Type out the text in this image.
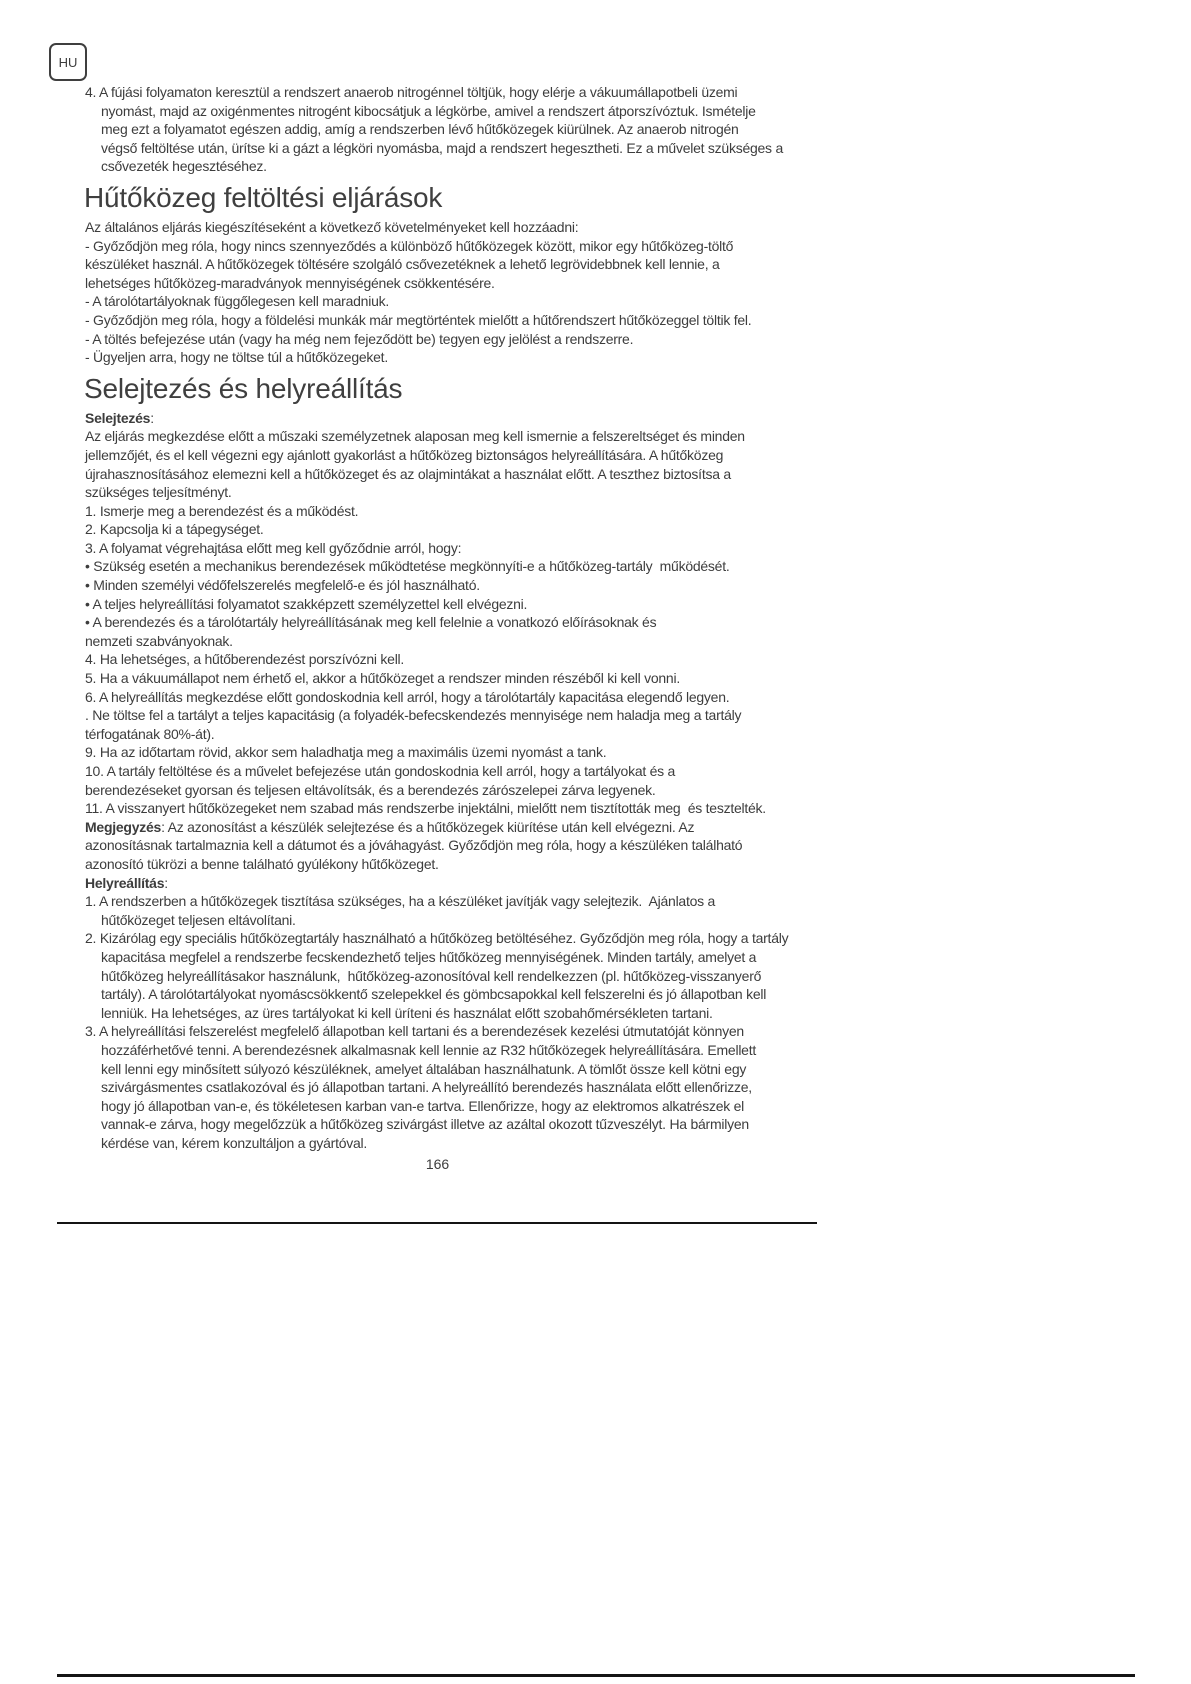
HU
4. A fújási folyamaton keresztül a rendszert anaerob nitrogénnel töltjük, hogy elérje a vákuumállapotbeli üzemi
nyomást, majd az oxigénmentes nitrogént kibocsátjuk a légkörbe, amivel a rendszert átporszívóztuk. Ismételje
meg ezt a folyamatot egészen addig, amíg a rendszerben lévő hűtőközegek kiürülnek. Az anaerob nitrogén
végső feltöltése után, ürítse ki a gázt a légköri nyomásba, majd a rendszert hegesztheti. Ez a művelet szükséges a
csővezeték hegesztéséhez.
Hűtőközeg feltöltési eljárások
Az általános eljárás kiegészítéseként a következő követelményeket kell hozzáadni:
- Győződjön meg róla, hogy nincs szennyeződés a különböző hűtőközegek között, mikor egy hűtőközeg-töltő
készüléket használ. A hűtőközegek töltésére szolgáló csővezetéknek a lehető legrövidebbnek kell lennie, a
lehetséges hűtőközeg-maradványok mennyiségének csökkentésére.
- A tárolótartályoknak függőlegesen kell maradniuk.
- Győződjön meg róla, hogy a földelési munkák már megtörténtek mielőtt a hűtőrendszert hűtőközeggel töltik fel.
- A töltés befejezése után (vagy ha még nem fejeződött be) tegyen egy jelölést a rendszerre.
- Ügyeljen arra, hogy ne töltse túl a hűtőközegeket.
Selejtezés és helyreállítás
Selejtezés:
Az eljárás megkezdése előtt a műszaki személyzetnek alaposan meg kell ismernie a felszereltséget és minden
jellemzőjét, és el kell végezni egy ajánlott gyakorlást a hűtőközeg biztonságos helyreállítására. A hűtőközeg
újrahasznosításához elemezni kell a hűtőközeget és az olajmintákat a használat előtt. A teszthez biztosítsa a
szükséges teljesítményt.
1. Ismerje meg a berendezést és a működést.
2. Kapcsolja ki a tápegységet.
3. A folyamat végrehajtása előtt meg kell győződnie arról, hogy:
• Szükség esetén a mechanikus berendezések működtetése megkönnyíti-e a hűtőközeg-tartály  működését.
• Minden személyi védőfelszerelés megfelelő-e és jól használható.
• A teljes helyreállítási folyamatot szakképzett személyzettel kell elvégezni.
• A berendezés és a tárolótartály helyreállításának meg kell felelnie a vonatkozó előírásoknak és
nemzeti szabványoknak.
4. Ha lehetséges, a hűtőberendezést porszívózni kell.
5. Ha a vákuumállapot nem érhető el, akkor a hűtőközeget a rendszer minden részéből ki kell vonni.
6. A helyreállítás megkezdése előtt gondoskodnia kell arról, hogy a tárolótartály kapacitása elegendő legyen.
. Ne töltse fel a tartályt a teljes kapacitásig (a folyadék-befecskendezés mennyisége nem haladja meg a tartály
térfogatának 80%-át).
9. Ha az időtartam rövid, akkor sem haladhatja meg a maximális üzemi nyomást a tank.
10. A tartály feltöltése és a művelet befejezése után gondoskodnia kell arról, hogy a tartályokat és a
berendezéseket gyorsan és teljesen eltávolítsák, és a berendezés zárószelepei zárva legyenek.
11. A visszanyert hűtőközegeket nem szabad más rendszerbe injektálni, mielőtt nem tisztították meg  és tesztelték.
Megjegyzés: Az azonosítást a készülék selejtezése és a hűtőközegek kiürítése után kell elvégezni. Az
azonosításnak tartalmaznia kell a dátumot és a jóváhagyást. Győződjön meg róla, hogy a készüléken található
azonosító tükrözi a benne található gyúlékony hűtőközeget.
Helyreállítás:
1. A rendszerben a hűtőközegek tisztítása szükséges, ha a készüléket javítják vagy selejtezik.  Ajánlatos a
hűtőközeget teljesen eltávolítani.
2. Kizárólag egy speciális hűtőközegtartály használható a hűtőközeg betöltéséhez. Győződjön meg róla, hogy a tartály
kapacitása megfelel a rendszerbe fecskendezhető teljes hűtőközeg mennyiségének. Minden tartály, amelyet a
hűtőközeg helyreállításakor használunk,  hűtőközeg-azonosítóval kell rendelkezzen (pl. hűtőközeg-visszanyerő
tartály). A tárolótartályokat nyomáscsökkentő szelepekkel és gömbcsapokkal kell felszerelni és jó állapotban kell
lenniük. Ha lehetséges, az üres tartályokat ki kell üríteni és használat előtt szobahőmérsékleten tartani.
3. A helyreállítási felszerelést megfelelő állapotban kell tartani és a berendezések kezelési útmutatóját könnyen
hozzáférhetővé tenni. A berendezésnek alkalmasnak kell lennie az R32 hűtőközegek helyreállítására. Emellett
kell lenni egy minősített súlyozó készüléknek, amelyet általában használhatunk. A tömlőt össze kell kötni egy
szivárgásmentes csatlakozóval és jó állapotban tartani. A helyreállító berendezés használata előtt ellenőrizze,
hogy jó állapotban van-e, és tökéletesen karban van-e tartva. Ellenőrizze, hogy az elektromos alkatrészek el
vannak-e zárva, hogy megelőzzük a hűtőközeg szivárgást illetve az azáltal okozott tűzveszélyt. Ha bármilyen
kérdése van, kérem konzultáljon a gyártóval.
166
